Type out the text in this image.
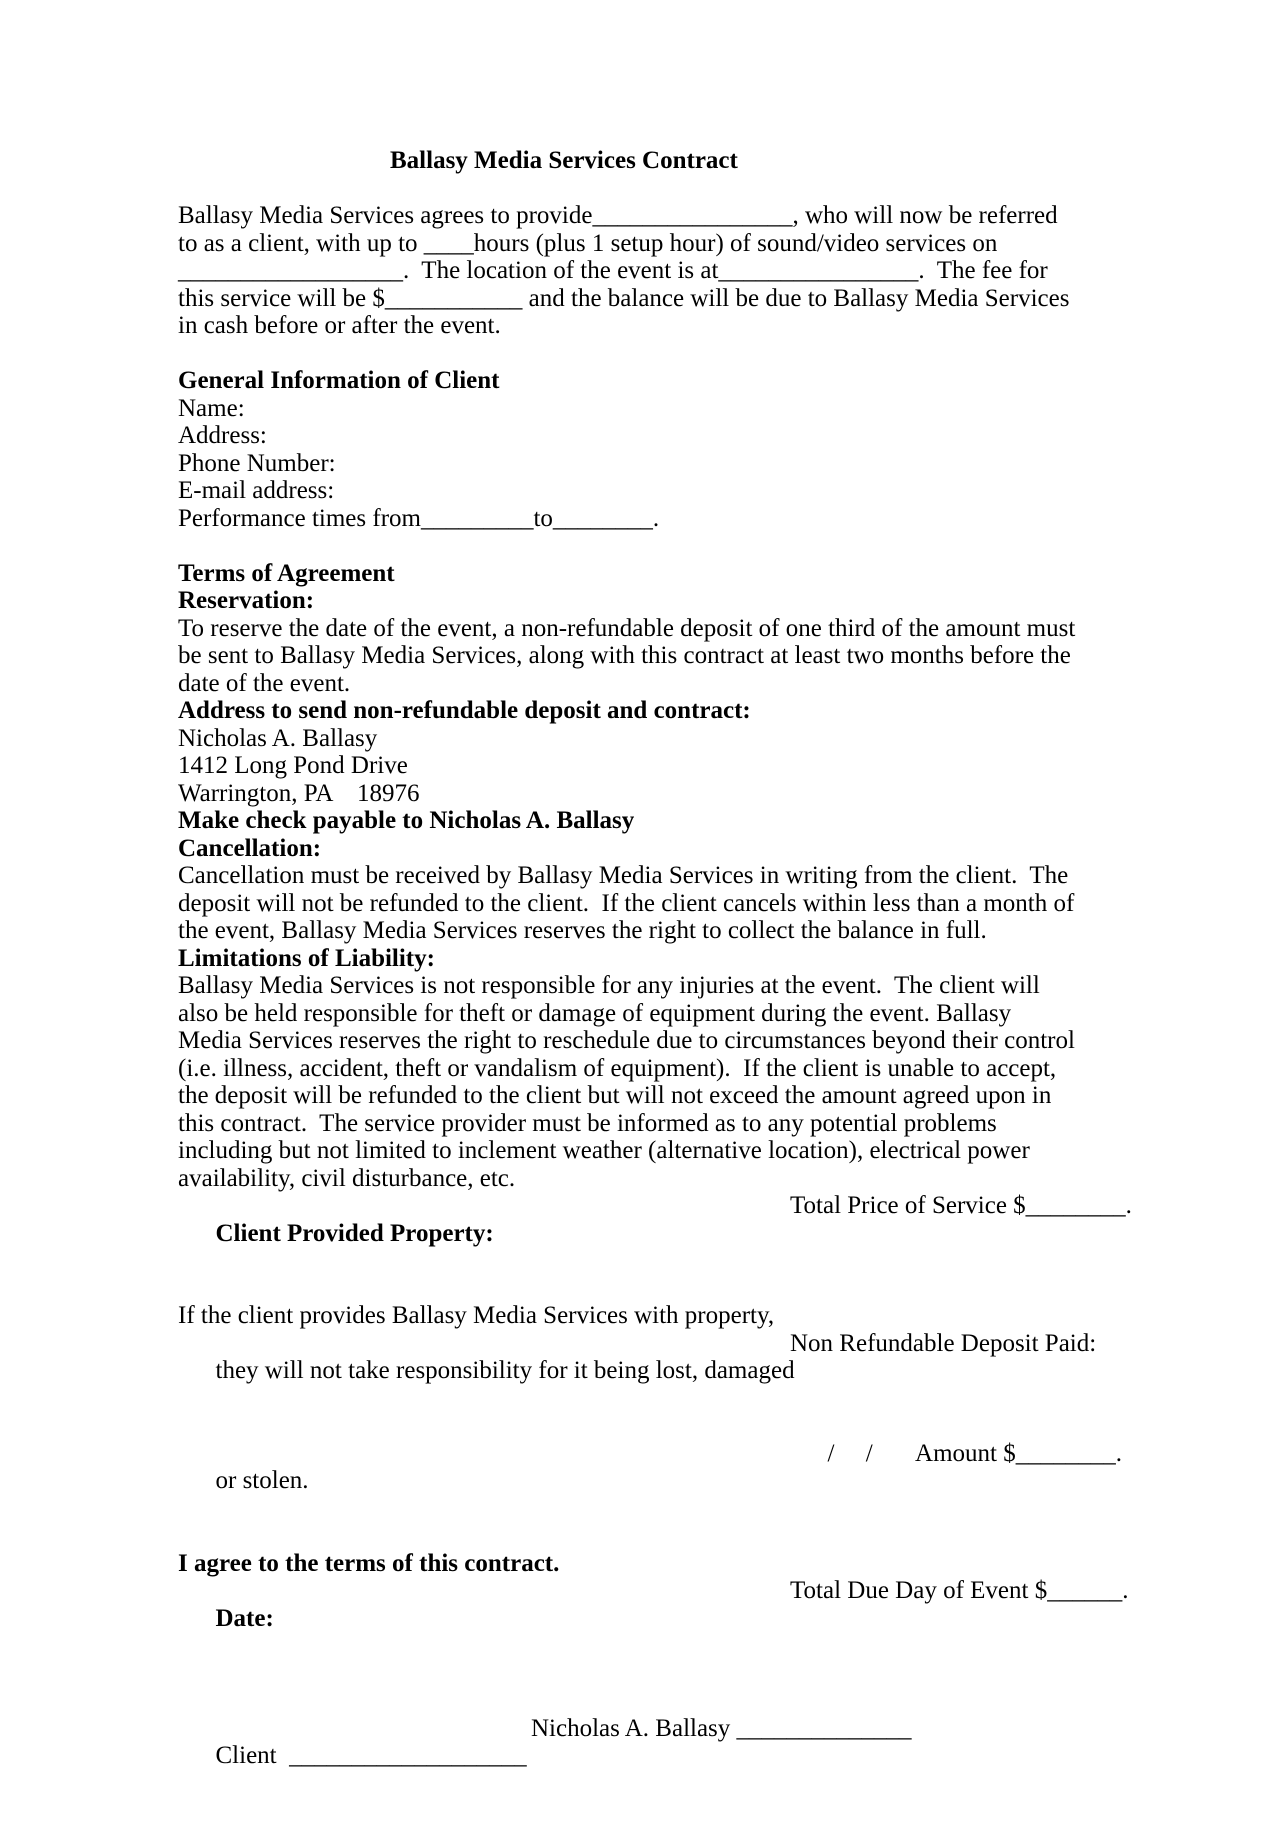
Ballasy Media Services Contract

Ballasy Media Services agrees to provide________________, who will now be referred
to as a client, with up to ____hours (plus 1 setup hour) of sound/video services on
__________________.  The location of the event is at________________.  The fee for
this service will be $___________ and the balance will be due to Ballasy Media Services
in cash before or after the event.

General Information of Client
Name:
Address:
Phone Number:
E-mail address:
Performance times from_________to________.

Terms of Agreement
Reservation:
To reserve the date of the event, a non-refundable deposit of one third of the amount must
be sent to Ballasy Media Services, along with this contract at least two months before the
date of the event.
Address to send non-refundable deposit and contract:
Nicholas A. Ballasy
1412 Long Pond Drive
Warrington, PA    18976
Make check payable to Nicholas A. Ballasy
Cancellation:
Cancellation must be received by Ballasy Media Services in writing from the client.  The
deposit will not be refunded to the client.  If the client cancels within less than a month of
the event, Ballasy Media Services reserves the right to collect the balance in full.
Limitations of Liability:
Ballasy Media Services is not responsible for any injuries at the event.  The client will
also be held responsible for theft or damage of equipment during the event. Ballasy
Media Services reserves the right to reschedule due to circumstances beyond their control
(i.e. illness, accident, theft or vandalism of equipment).  If the client is unable to accept,
the deposit will be refunded to the client but will not exceed the amount agreed upon in
this contract.  The service provider must be informed as to any potential problems
including but not limited to inclement weather (alternative location), electrical power
availability, civil disturbance, etc.

Client Provided Property:

Total Price of Service $________.

If the client provides Ballasy Media Services with property,

they will not take responsibility for it being lost, damaged

Non Refundable Deposit Paid:

or stolen.

/     /       Amount $________.

I agree to the terms of this contract.

Date:

Total Due Day of Event $______.

Client  ___________________

Nicholas A. Ballasy ______________
